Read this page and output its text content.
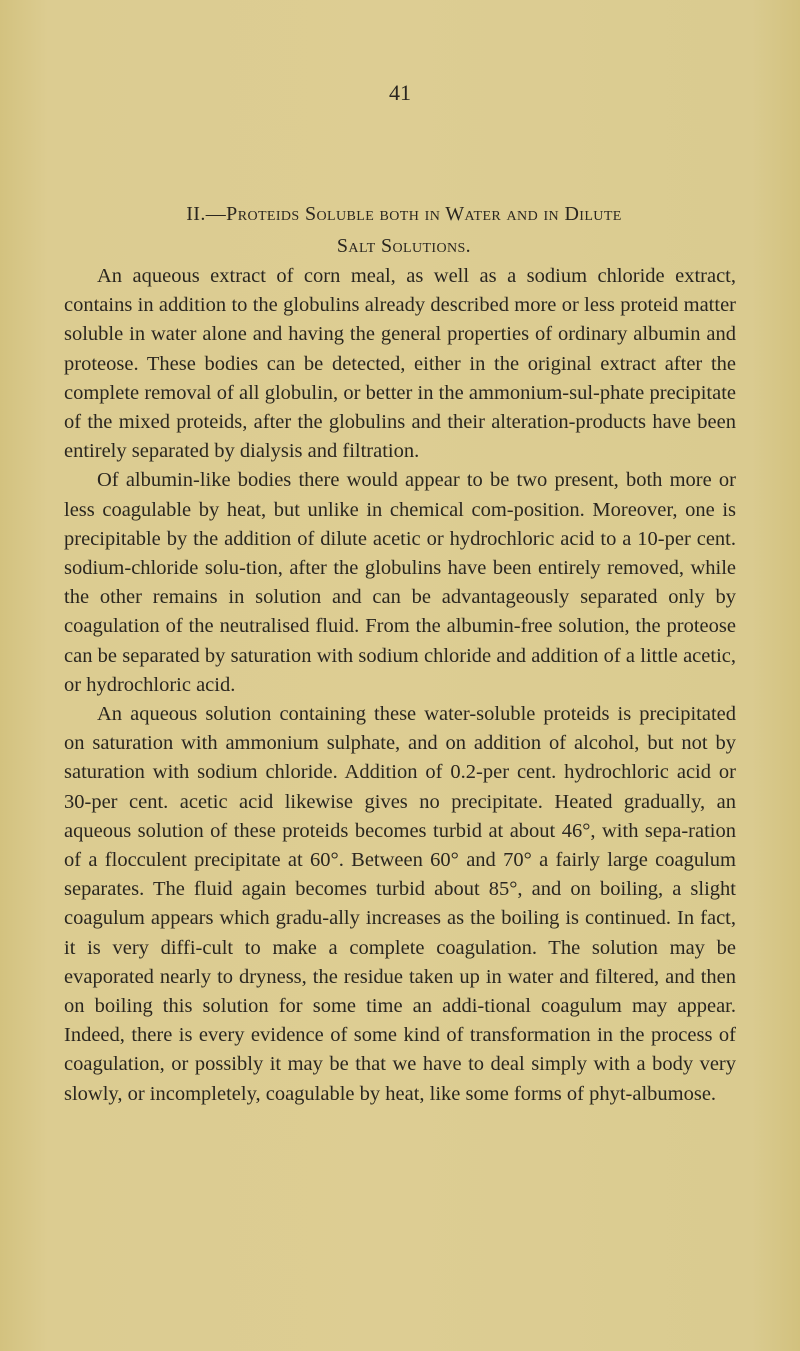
41
II.—Proteids Soluble both in Water and in Dilute
Salt Solutions.

An aqueous extract of corn meal, as well as a sodium chloride extract, contains in addition to the globulins already described more or less proteid matter soluble in water alone and having the general properties of ordinary albumin and proteose. These bodies can be detected, either in the original extract after the complete removal of all globulin, or better in the ammonium-sul-phate precipitate of the mixed proteids, after the globulins and their alteration-products have been entirely separated by dialysis and filtration.

Of albumin-like bodies there would appear to be two present, both more or less coagulable by heat, but unlike in chemical com-position. Moreover, one is precipitable by the addition of dilute acetic or hydrochloric acid to a 10-per cent. sodium-chloride solu-tion, after the globulins have been entirely removed, while the other remains in solution and can be advantageously separated only by coagulation of the neutralised fluid. From the albumin-free solution, the proteose can be separated by saturation with sodium chloride and addition of a little acetic, or hydrochloric acid.

An aqueous solution containing these water-soluble proteids is precipitated on saturation with ammonium sulphate, and on addition of alcohol, but not by saturation with sodium chloride. Addition of 0.2-per cent. hydrochloric acid or 30-per cent. acetic acid likewise gives no precipitate. Heated gradually, an aqueous solution of these proteids becomes turbid at about 46°, with sepa-ration of a flocculent precipitate at 60°. Between 60° and 70° a fairly large coagulum separates. The fluid again becomes turbid about 85°, and on boiling, a slight coagulum appears which gradu-ally increases as the boiling is continued. In fact, it is very diffi-cult to make a complete coagulation. The solution may be evaporated nearly to dryness, the residue taken up in water and filtered, and then on boiling this solution for some time an addi-tional coagulum may appear. Indeed, there is every evidence of some kind of transformation in the process of coagulation, or possibly it may be that we have to deal simply with a body very slowly, or incompletely, coagulable by heat, like some forms of phyt-albumose.
